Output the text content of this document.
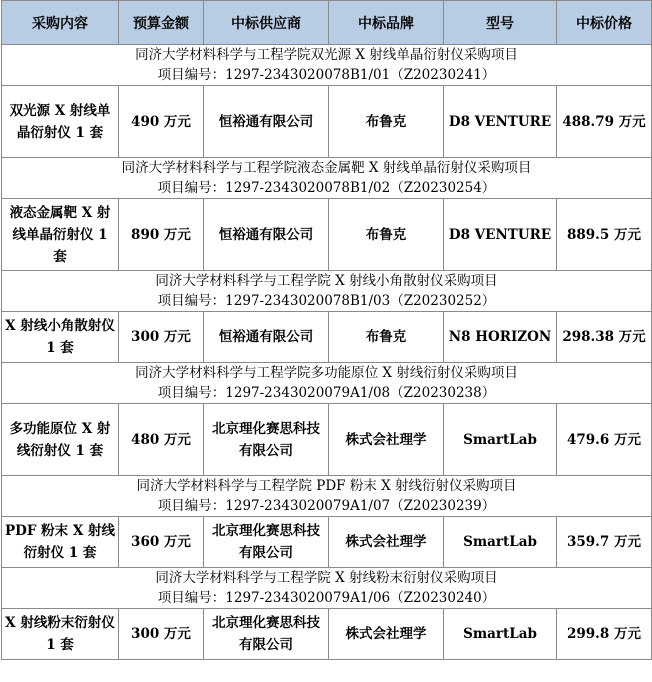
采购内容	预算金额	中标供应商	中标品牌	型号	中标价格

同济大学材料科学与工程学院双光源 X 射线单晶衍射仪采购项目
项目编号：1297-2343020078B1/01（Z20230241）					

双光源 X 射线单晶衍射仪 1 套	490 万元	恒裕通有限公司	布鲁克	D8 VENTURE	488.79 万元

同济大学材料科学与工程学院液态金属靶 X 射线单晶衍射仪采购项目
项目编号：1297-2343020078B1/02（Z20230254）					

液态金属靶 X 射线单晶衍射仪 1 套	890 万元	恒裕通有限公司	布鲁克	D8 VENTURE	889.5 万元

同济大学材料科学与工程学院 X 射线小角散射仪采购项目
项目编号：1297-2343020078B1/03（Z20230252）					

X 射线小角散射仪 1 套	300 万元	恒裕通有限公司	布鲁克	N8 HORIZON	298.38 万元

同济大学材料科学与工程学院多功能原位 X 射线衍射仪采购项目
项目编号：1297-2343020079A1/08（Z20230238）					

多功能原位 X 射线衍射仪 1 套	480 万元	北京理化赛思科技有限公司	株式会社理学	SmartLab	479.6 万元

同济大学材料科学与工程学院 PDF 粉末 X 射线衍射仪采购项目
项目编号：1297-2343020079A1/07（Z20230239）					

PDF 粉末 X 射线衍射仪 1 套	360 万元	北京理化赛思科技有限公司	株式会社理学	SmartLab	359.7 万元

同济大学材料科学与工程学院 X 射线粉末衍射仪采购项目
项目编号：1297-2343020079A1/06（Z20230240）					

X 射线粉末衍射仪 1 套	300 万元	北京理化赛思科技有限公司	株式会社理学	SmartLab	299.8 万元
